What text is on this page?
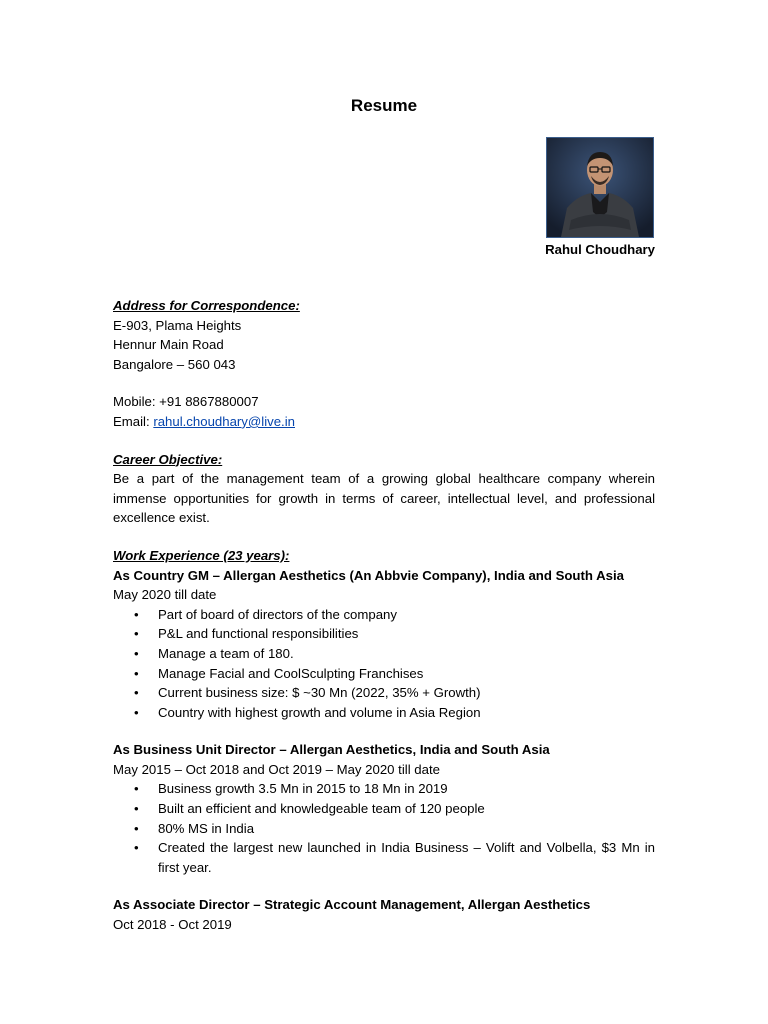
Resume
Rahul Choudhary
Address for Correspondence:
E-903, Plama Heights
Hennur Main Road
Bangalore – 560 043
Mobile: +91 8867880007
Email: rahul.choudhary@live.in
Career Objective:
Be a part of the management team of a growing global healthcare company wherein immense opportunities for growth in terms of career, intellectual level, and professional excellence exist.
Work Experience (23 years):
As Country GM – Allergan Aesthetics (An Abbvie Company), India and South Asia
May 2020 till date
• Part of board of directors of the company
• P&L and functional responsibilities
• Manage a team of 180.
• Manage Facial and CoolSculpting Franchises
• Current business size: $ ~30 Mn (2022, 35% + Growth)
• Country with highest growth and volume in Asia Region
As Business Unit Director – Allergan Aesthetics, India and South Asia
May 2015 – Oct 2018 and Oct 2019 – May 2020 till date
• Business growth 3.5 Mn in 2015 to 18 Mn in 2019
• Built an efficient and knowledgeable team of 120 people
• 80% MS in India
• Created the largest new launched in India Business – Volift and Volbella, $3 Mn in first year.
As Associate Director – Strategic Account Management, Allergan Aesthetics
Oct 2018 - Oct 2019
